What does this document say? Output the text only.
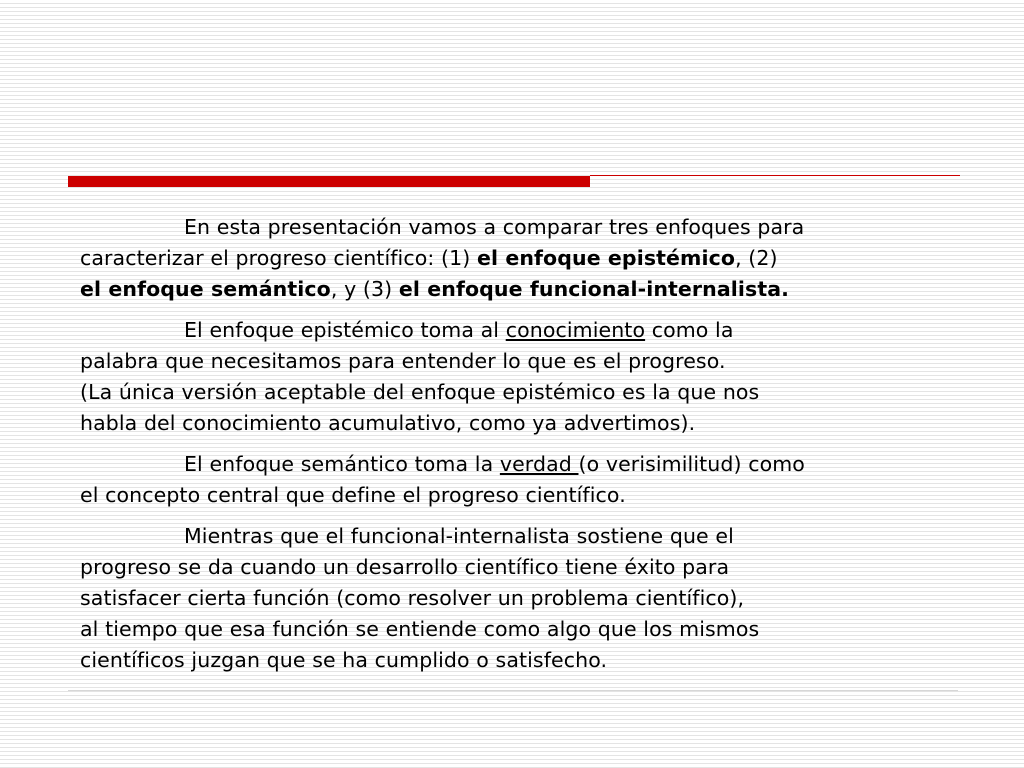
En esta presentación vamos a comparar tres enfoques para
caracterizar el progreso científico: (1) el enfoque epistémico, (2)
el enfoque semántico, y (3) el enfoque funcional-internalista.

El enfoque epistémico toma al conocimiento como la
palabra que necesitamos para entender lo que es el progreso.
(La única versión aceptable del enfoque epistémico es la que nos
habla del conocimiento acumulativo, como ya advertimos).

El enfoque semántico toma la verdad (o verisimilitud) como
el concepto central que define el progreso científico.

Mientras que el funcional-internalista sostiene que el
progreso se da cuando un desarrollo científico tiene éxito para
satisfacer cierta función (como resolver un problema científico),
al tiempo que esa función se entiende como algo que los mismos
científicos juzgan que se ha cumplido o satisfecho.
